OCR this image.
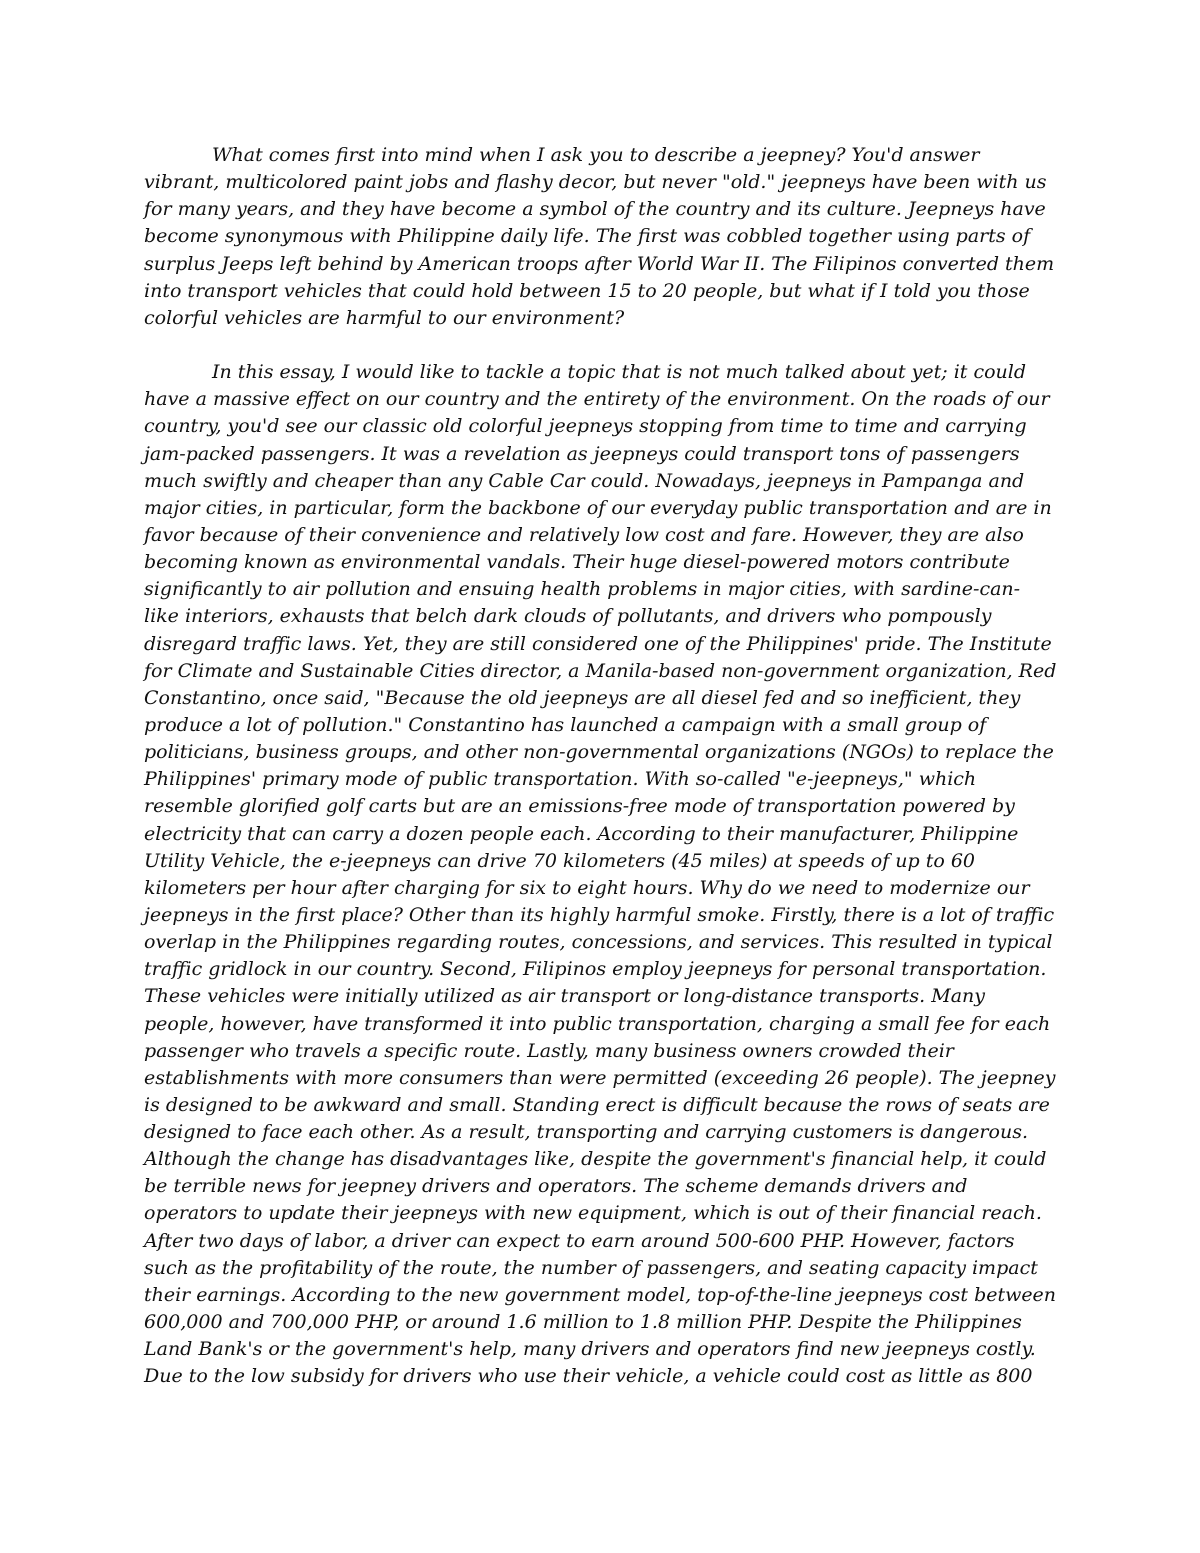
What comes first into mind when I ask you to describe a jeepney? You'd answer
vibrant, multicolored paint jobs and flashy decor, but never "old." jeepneys have been with us
for many years, and they have become a symbol of the country and its culture. Jeepneys have
become synonymous with Philippine daily life. The first was cobbled together using parts of
surplus Jeeps left behind by American troops after World War II. The Filipinos converted them
into transport vehicles that could hold between 15 to 20 people, but what if I told you those
colorful vehicles are harmful to our environment?
In this essay, I would like to tackle a topic that is not much talked about yet; it could
have a massive effect on our country and the entirety of the environment. On the roads of our
country, you'd see our classic old colorful jeepneys stopping from time to time and carrying
jam-packed passengers. It was a revelation as jeepneys could transport tons of passengers
much swiftly and cheaper than any Cable Car could. Nowadays, jeepneys in Pampanga and
major cities, in particular, form the backbone of our everyday public transportation and are in
favor because of their convenience and relatively low cost and fare. However, they are also
becoming known as environmental vandals. Their huge diesel-powered motors contribute
significantly to air pollution and ensuing health problems in major cities, with sardine-can-
like interiors, exhausts that belch dark clouds of pollutants, and drivers who pompously
disregard traffic laws. Yet, they are still considered one of the Philippines' pride. The Institute
for Climate and Sustainable Cities director, a Manila-based non-government organization, Red
Constantino, once said, "Because the old jeepneys are all diesel fed and so inefficient, they
produce a lot of pollution." Constantino has launched a campaign with a small group of
politicians, business groups, and other non-governmental organizations (NGOs) to replace the
Philippines' primary mode of public transportation. With so-called "e-jeepneys," which
resemble glorified golf carts but are an emissions-free mode of transportation powered by
electricity that can carry a dozen people each. According to their manufacturer, Philippine
Utility Vehicle, the e-jeepneys can drive 70 kilometers (45 miles) at speeds of up to 60
kilometers per hour after charging for six to eight hours. Why do we need to modernize our
jeepneys in the first place? Other than its highly harmful smoke. Firstly, there is a lot of traffic
overlap in the Philippines regarding routes, concessions, and services. This resulted in typical
traffic gridlock in our country. Second, Filipinos employ jeepneys for personal transportation.
These vehicles were initially utilized as air transport or long-distance transports. Many
people, however, have transformed it into public transportation, charging a small fee for each
passenger who travels a specific route. Lastly, many business owners crowded their
establishments with more consumers than were permitted (exceeding 26 people). The jeepney
is designed to be awkward and small. Standing erect is difficult because the rows of seats are
designed to face each other. As a result, transporting and carrying customers is dangerous.
Although the change has disadvantages like, despite the government's financial help, it could
be terrible news for jeepney drivers and operators. The scheme demands drivers and
operators to update their jeepneys with new equipment, which is out of their financial reach.
After two days of labor, a driver can expect to earn around 500-600 PHP. However, factors
such as the profitability of the route, the number of passengers, and seating capacity impact
their earnings. According to the new government model, top-of-the-line jeepneys cost between
600,000 and 700,000 PHP, or around 1.6 million to 1.8 million PHP. Despite the Philippines
Land Bank's or the government's help, many drivers and operators find new jeepneys costly.
Due to the low subsidy for drivers who use their vehicle, a vehicle could cost as little as 800
